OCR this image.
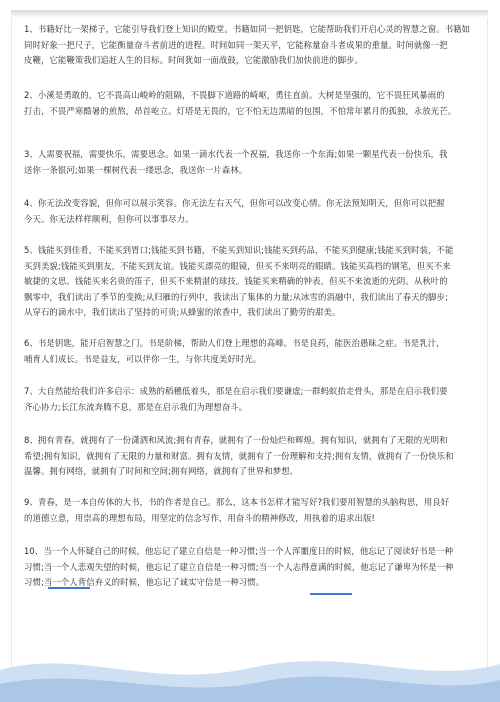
1、书籍好比一架梯子，它能引导我们登上知识的殿堂。书籍如同一把钥匙，它能帮助我们开启心灵的智慧之窗。书籍如
同时好象一把尺子，它能衡量奋斗者前进的进程。时间如同一架天平，它能称量奋斗者成果的重量。时间就像一把
皮鞭，它能鞭策我们追赶人生的目标。时间犹如一面战鼓，它能激励我们加快前进的脚步。
2、小溪是勇敢的，它不畏高山峻岭的阻隔，不畏脚下道路的崎岖，勇往直前。大树是坚强的，它不畏狂风暴雨的
打击，不畏严寒酷暑的煎熬，昂首屹立。灯塔是无畏的，它不怕无边黑暗的包围，不怕常年累月的孤独，永放光芒。
3、人需要祝福，需要快乐，需要思念。如果一滴水代表一个祝福，我送你一个东海;如果一颗星代表一份快乐，我
送你一条银河;如果一棵树代表一缕思念，我送你一片森林。
4、你无法改变容貌，但你可以展示笑容。你无法左右天气，但你可以改变心情。你无法预知明天，但你可以把握
今天。你无法样样顺利，但你可以事事尽力。
5、钱能买到佳肴，不能买到胃口;钱能买到书籍，不能买到知识;钱能买到药品，不能买到健康;钱能买到时装，不能
买到美貌;钱能买到朋友，不能买到友谊。钱能买漂亮的眼镜，但买不来明亮的眼睛。钱能买高档的钢笔，但买不来
敏捷的文思。钱能买来名贵的笛子，但买不来精湛的球技。钱能买来精确的钟表，但买不来流逝的光阴。从秋叶的
飘零中，我们读出了季节的变换;从归雁的行列中，我读出了集体的力量;从冰雪的消融中，我们读出了春天的脚步;
从穿石的滴水中，我们读出了坚持的可贵;从蜂蜜的浓香中，我们读出了勤劳的甜美。
6、书是钥匙，能开启智慧之门。书是阶梯，帮助人们登上理想的高峰。书是良药，能医治愚昧之症。书是乳汁，
哺育人们成长。书是益友，可以伴你一生，与你共度美好时光。
7、大自然能给我们许多启示：成熟的稻穗低着头，那是在启示我们要谦虚;一群蚂蚁抬走骨头，那是在启示我们要
齐心协力;长江东流奔腾不息，那是在启示我们为理想奋斗。
8、拥有青春，就拥有了一份潇洒和风流;拥有青春，就拥有了一份灿烂和辉煌。拥有知识，就拥有了无限的光明和
希望;拥有知识，就拥有了无限的力量和财富。拥有友情，就拥有了一份理解和支持;拥有友情，就拥有了一份快乐和
温馨。拥有网络，就拥有了时间和空间;拥有网络，就拥有了世界和梦想。
9、青春，是一本自传体的大书，书的作者是自己。那么，这本书怎样才能写好?我们要用智慧的头脑构思，用良好
的道德立意，用崇高的理想布局，用坚定的信念写作，用奋斗的精神修改，用执着的追求出版!
10、当一个人怀疑自己的时候，他忘记了建立自信是一种习惯;当一个人浑噩度日的时候，他忘记了阅读好书是一种
习惯;当一个人悲观失望的时候，他忘记了建立自信是一种习惯;当一个人志得意满的时候，他忘记了谦卑为怀是一种
习惯;当一个人背信弃义的时候，他忘记了诚实守信是一种习惯。
